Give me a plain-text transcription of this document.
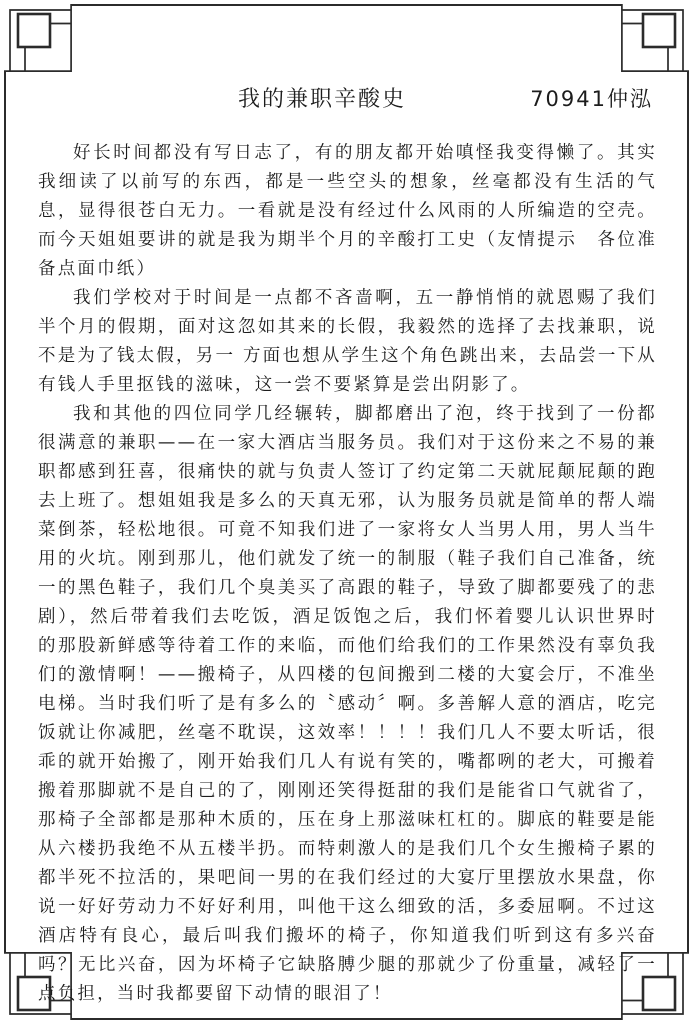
我的兼职辛酸史	70941仲泓

好长时间都没有写日志了，有的朋友都开始嗔怪我变得懒了。其实我细读了以前写的东西，都是一些空头的想象，丝毫都没有生活的气息，显得很苍白无力。一看就是没有经过什么风雨的人所编造的空壳。而今天姐姐要讲的就是我为期半个月的辛酸打工史（友情提示　各位准备点面巾纸）

我们学校对于时间是一点都不吝啬啊，五一静悄悄的就恩赐了我们半个月的假期，面对这忽如其来的长假，我毅然的选择了去找兼职，说不是为了钱太假，另一 方面也想从学生这个角色跳出来，去品尝一下从有钱人手里抠钱的滋味，这一尝不要紧算是尝出阴影了。

我和其他的四位同学几经辗转，脚都磨出了泡，终于找到了一份都很满意的兼职——在一家大酒店当服务员。我们对于这份来之不易的兼职都感到狂喜，很痛快的就与负责人签订了约定第二天就屁颠屁颠的跑去上班了。想姐姐我是多么的天真无邪，认为服务员就是简单的帮人端菜倒茶，轻松地很。可竟不知我们进了一家将女人当男人用，男人当牛用的火坑。刚到那儿，他们就发了统一的制服（鞋子我们自己准备，统一的黑色鞋子，我们几个臭美买了高跟的鞋子，导致了脚都要残了的悲剧），然后带着我们去吃饭，酒足饭饱之后，我们怀着婴儿认识世界时的那股新鲜感等待着工作的来临，而他们给我们的工作果然没有辜负我们的激情啊！——搬椅子，从四楼的包间搬到二楼的大宴会厅，不准坐电梯。当时我们听了是有多么的〝感动〞啊。多善解人意的酒店，吃完饭就让你减肥，丝毫不耽误，这效率！！！！我们几人不要太听话，很乖的就开始搬了，刚开始我们几人有说有笑的，嘴都咧的老大，可搬着搬着那脚就不是自己的了，刚刚还笑得挺甜的我们是能省口气就省了，那椅子全部都是那种木质的，压在身上那滋味杠杠的。脚底的鞋要是能从六楼扔我绝不从五楼半扔。而特刺激人的是我们几个女生搬椅子累的都半死不拉活的，果吧间一男的在我们经过的大宴厅里摆放水果盘，你说一好好劳动力不好好利用，叫他干这么细致的活，多委屈啊。不过这酒店特有良心，最后叫我们搬坏的椅子，你知道我们听到这有多兴奋吗？无比兴奋，因为坏椅子它缺胳膊少腿的那就少了份重量，减轻了一点负担，当时我都要留下动情的眼泪了！
